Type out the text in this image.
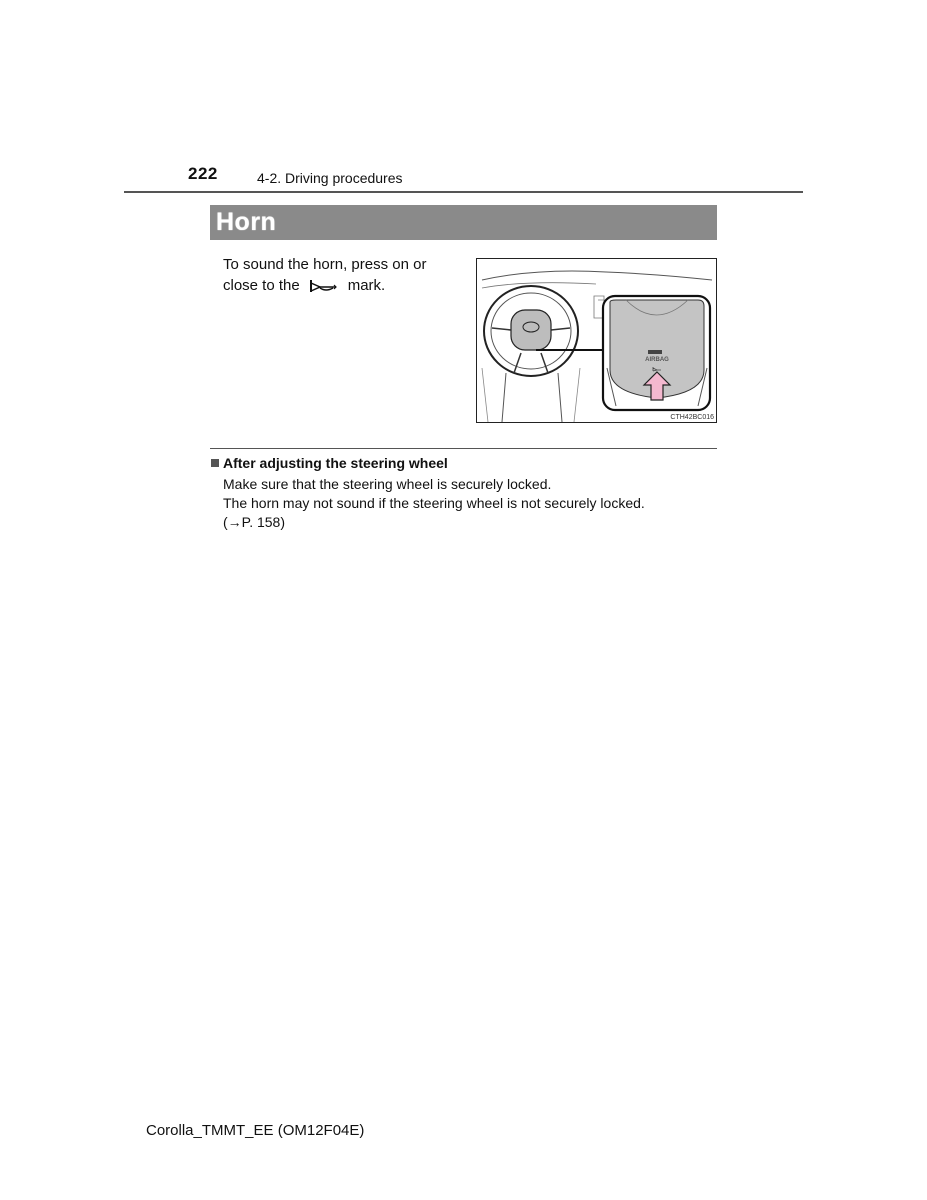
222	4-2. Driving procedures
Horn
To sound the horn, press on or
close to the	mark.
AIRBAG
CTH42BC016
After adjusting the steering wheel
Make sure that the steering wheel is securely locked.
The horn may not sound if the steering wheel is not securely locked.
(→P. 158)
Corolla_TMMT_EE (OM12F04E)
